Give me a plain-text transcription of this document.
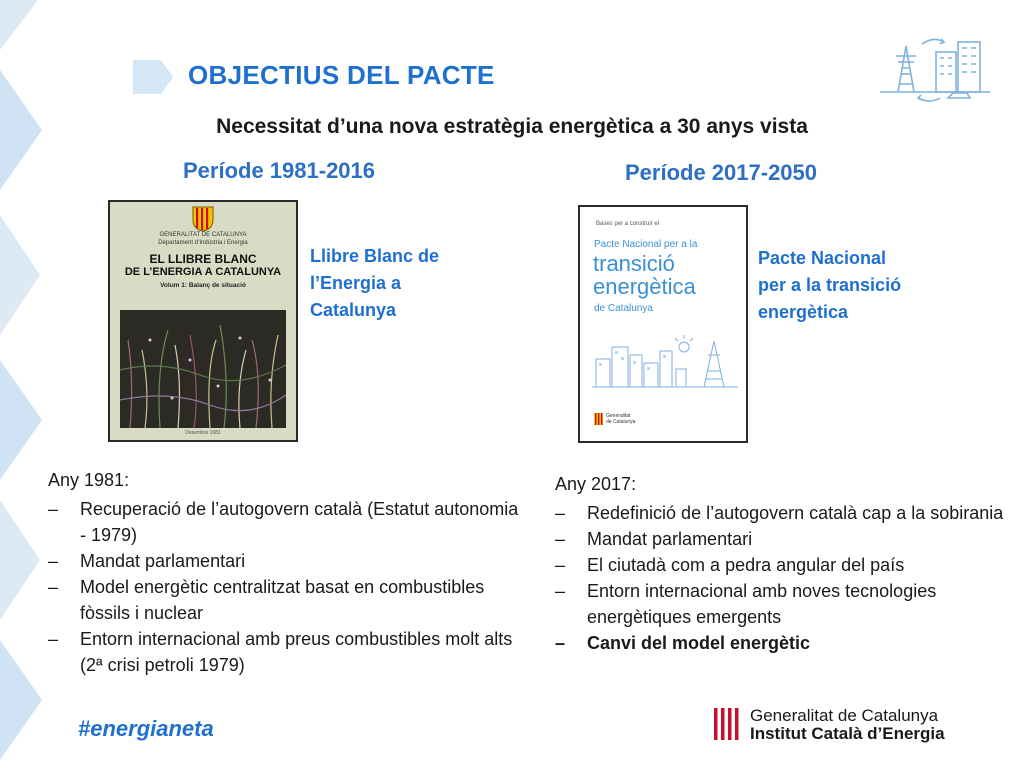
OBJECTIUS DEL PACTE
Necessitat d’una nova estratègia energètica a 30 anys vista
Període 1981-2016
GENERALITAT DE CATALUNYA
Departament d’Indústria i Energia
EL LLIBRE BLANC
DE L’ENERGIA A CATALUNYA
Volum 1: Balanç de situació
Desembre 1981
Llibre Blanc de
l’Energia a
Catalunya
Any 1981:
– Recuperació de l’autogovern català (Estatut autonomia - 1979)
– Mandat parlamentari
– Model energètic centralitzat basat en combustibles fòssils i nuclear
– Entorn internacional amb preus combustibles molt alts (2ª crisi petroli 1979)
Període 2017-2050
Bases per a construir el
Pacte Nacional per a la
transició
energètica
de Catalunya
Generalitat
de Catalunya
Pacte Nacional
per a la transició
energètica
Any 2017:
– Redefinició de l’autogovern català cap a la sobirania
– Mandat parlamentari
– El ciutadà com a pedra angular del país
– Entorn internacional amb noves tecnologies energètiques emergents
– Canvi del model energètic
#energianeta
Generalitat de Catalunya
Institut Català d’Energia
